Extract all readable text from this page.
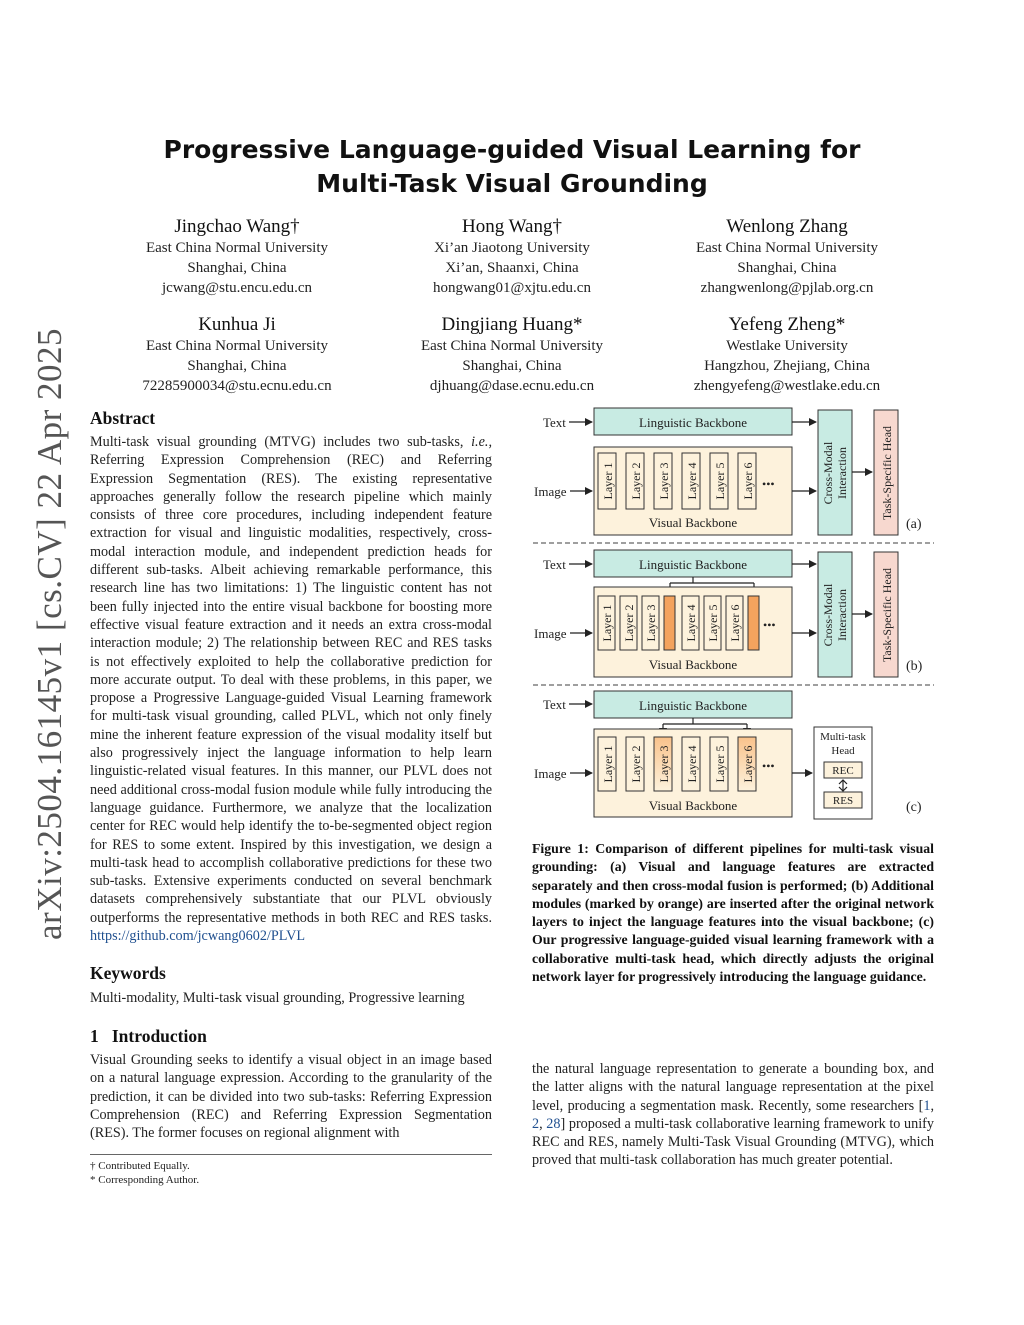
arXiv:2504.16145v1 [cs.CV] 22 Apr 2025
Progressive Language-guided Visual Learning for
Multi-Task Visual Grounding
Jingchao Wang†
East China Normal University
Shanghai, China
jcwang@stu.encu.edu.cn
Hong Wang†
Xi’an Jiaotong University
Xi’an, Shaanxi, China
hongwang01@xjtu.edu.cn
Wenlong Zhang
East China Normal University
Shanghai, China
zhangwenlong@pjlab.org.cn
Kunhua Ji
East China Normal University
Shanghai, China
72285900034@stu.ecnu.edu.cn
Dingjiang Huang*
East China Normal University
Shanghai, China
djhuang@dase.ecnu.edu.cn
Yefeng Zheng*
Westlake University
Hangzhou, Zhejiang, China
zhengyefeng@westlake.edu.cn
Abstract
Multi-task visual grounding (MTVG) includes two sub-tasks, i.e., Referring Expression Comprehension (REC) and Referring Expression Segmentation (RES). The existing representative approaches generally follow the research pipeline which mainly consists of three core procedures, including independent feature extraction for visual and linguistic modalities, respectively, cross-modal interaction module, and independent prediction heads for different sub-tasks. Albeit achieving remarkable performance, this research line has two limitations: 1) The linguistic content has not been fully injected into the entire visual backbone for boosting more effective visual feature extraction and it needs an extra cross-modal interaction module; 2) The relationship between REC and RES tasks is not effectively exploited to help the collaborative prediction for more accurate output. To deal with these problems, in this paper, we propose a Progressive Language-guided Visual Learning framework for multi-task visual grounding, called PLVL, which not only finely mine the inherent feature expression of the visual modality itself but also progressively inject the language information to help learn linguistic-related visual features. In this manner, our PLVL does not need additional cross-modal fusion module while fully introducing the language guidance. Furthermore, we analyze that the localization center for REC would help identify the to-be-segmented object region for RES to some extent. Inspired by this investigation, we design a multi-task head to accomplish collaborative predictions for these two sub-tasks. Extensive experiments conducted on several benchmark datasets comprehensively substantiate that our PLVL obviously outperforms the representative methods in both REC and RES tasks. https://github.com/jcwang0602/PLVL
Keywords
Multi-modality, Multi-task visual grounding, Progressive learning
1 Introduction
Visual Grounding seeks to identify a visual object in an image based on a natural language expression. According to the granularity of the prediction, it can be divided into two sub-tasks: Referring Expression Comprehension (REC) and Referring Expression Segmentation (RES). The former focuses on regional alignment with
† Contributed Equally.
* Corresponding Author.
Text	Linguistic Backbone
Image
Visual Backbone
Layer 1 Layer 2 Layer 3 Layer 4 Layer 5 Layer 6 •••	Cross-Modal Interaction	Task-Specific Head
(a)
Text	Linguistic Backbone
Image
Visual Backbone
Layer 1 Layer 2 Layer 3 Layer 4 Layer 5 Layer 6 •••	Cross-Modal Interaction	Task-Specific Head
(b)
Text	Linguistic Backbone
Image
Visual Backbone
Layer 1 Layer 2 Layer 3 Layer 4 Layer 5 Layer 6 •••
Multi-task
Head
REC
RES	(c)
Figure 1: Comparison of different pipelines for multi-task visual grounding: (a) Visual and language features are extracted separately and then cross-modal fusion is performed; (b) Additional modules (marked by orange) are inserted after the original network layers to inject the language features into the visual backbone; (c) Our progressive language-guided visual learning framework with a collaborative multi-task head, which directly adjusts the original network layer for progressively introducing the language guidance.
the natural language representation to generate a bounding box, and the latter aligns with the natural language representation at the pixel level, producing a segmentation mask. Recently, some researchers [1, 2, 28] proposed a multi-task collaborative learning framework to unify REC and RES, namely Multi-Task Visual Grounding (MTVG), which proved that multi-task collaboration has much greater potential.
